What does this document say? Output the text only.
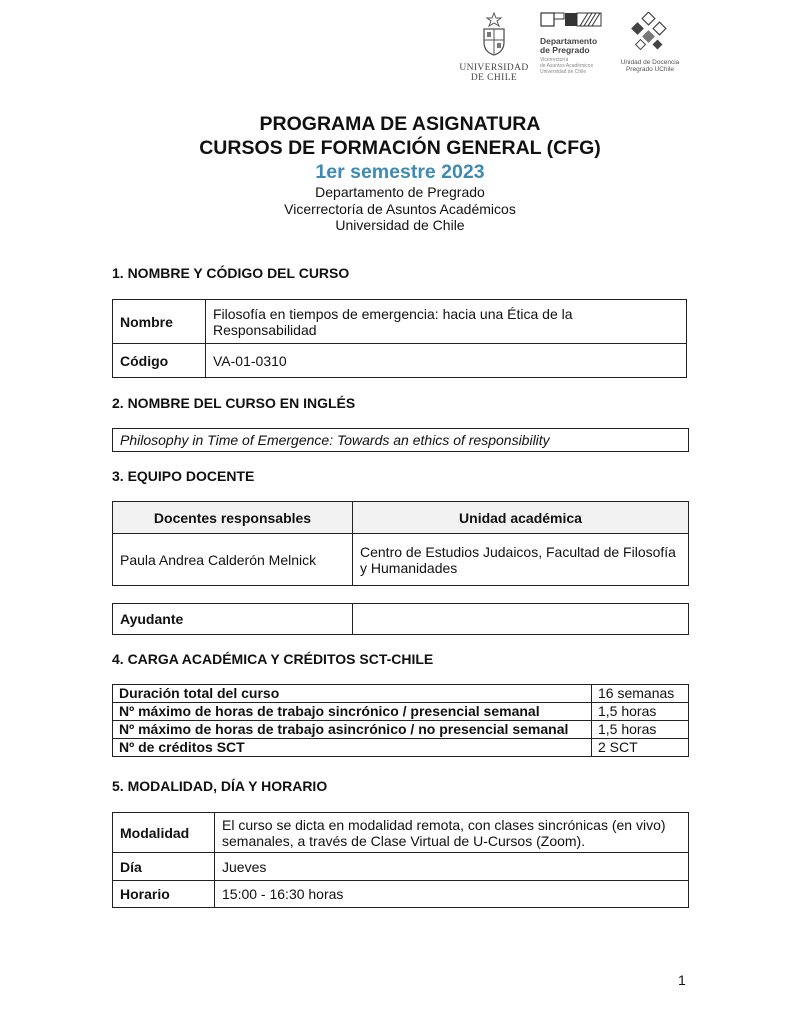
UNIVERSIDAD
DE CHILE
Departamento
de Pregrado
Vicerrectoría
de Asuntos Académicos
Universidad de Chile
Unidad de Docencia
Pregrado UChile
PROGRAMA DE ASIGNATURA
CURSOS DE FORMACIÓN GENERAL (CFG)
1er semestre 2023
Departamento de Pregrado
Vicerrectoría de Asuntos Académicos
Universidad de Chile
1. NOMBRE Y CÓDIGO DEL CURSO
Nombre	Filosofía en tiempos de emergencia: hacia una Ética de la Responsabilidad
Código	VA-01-0310
2. NOMBRE DEL CURSO EN INGLÉS
Philosophy in Time of Emergence: Towards an ethics of responsibility
3. EQUIPO DOCENTE
Docentes responsables	Unidad académica
Paula Andrea Calderón Melnick	Centro de Estudios Judaicos, Facultad de Filosofía y Humanidades
Ayudante	
4. CARGA ACADÉMICA Y CRÉDITOS SCT-CHILE
Duración total del curso	16 semanas
Nº máximo de horas de trabajo sincrónico / presencial semanal	1,5 horas
Nº máximo de horas de trabajo asincrónico / no presencial semanal	1,5 horas
Nº de créditos SCT	2 SCT
5. MODALIDAD, DÍA Y HORARIO
Modalidad	El curso se dicta en modalidad remota, con clases sincrónicas (en vivo) semanales, a través de Clase Virtual de U-Cursos (Zoom).
Día	Jueves
Horario	15:00 - 16:30 horas
1
